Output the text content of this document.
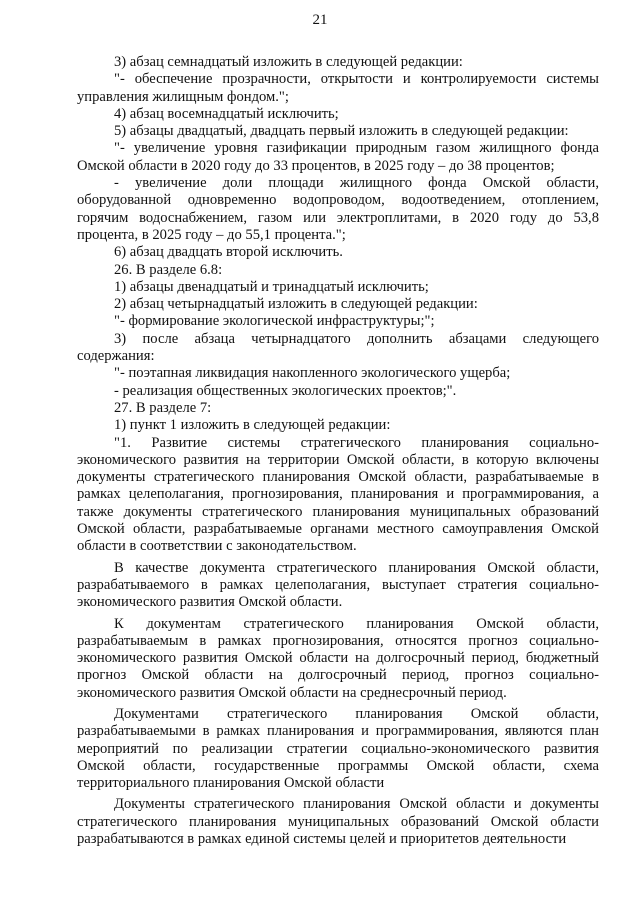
21

3) абзац семнадцатый изложить в следующей редакции:

"- обеспечение прозрачности, открытости и контролируемости системы управления жилищным фондом.";

4) абзац восемнадцатый исключить;

5) абзацы двадцатый, двадцать первый изложить в следующей редакции:

"- увеличение уровня газификации природным газом жилищного фонда Омской области в 2020 году до 33 процентов, в 2025 году – до 38 процентов;

- увеличение доли площади жилищного фонда Омской области, оборудованной одновременно водопроводом, водоотведением, отоплением, горячим водоснабжением, газом или электроплитами, в 2020 году до 53,8 процента, в 2025 году – до 55,1 процента.";

6) абзац двадцать второй исключить.

26. В разделе 6.8:

1) абзацы двенадцатый и тринадцатый исключить;

2) абзац четырнадцатый изложить в следующей редакции:

"- формирование экологической инфраструктуры;";

3) после абзаца четырнадцатого дополнить абзацами следующего содержания:

"- поэтапная ликвидация накопленного экологического ущерба;

- реализация общественных экологических проектов;".

27. В разделе 7:

1) пункт 1 изложить в следующей редакции:

"1. Развитие системы стратегического планирования социально-экономического развития на территории Омской области, в которую включены документы стратегического планирования Омской области, разрабатываемые в рамках целеполагания, прогнозирования, планирования и программирования, а также документы стратегического планирования муниципальных образований Омской области, разрабатываемые органами местного самоуправления Омской области в соответствии с законодательством.

В качестве документа стратегического планирования Омской области, разрабатываемого в рамках целеполагания, выступает стратегия социально-экономического развития Омской области.

К документам стратегического планирования Омской области, разрабатываемым в рамках прогнозирования, относятся прогноз социально-экономического развития Омской области на долгосрочный период, бюджетный прогноз Омской области на долгосрочный период, прогноз социально-экономического развития Омской области на среднесрочный период.

Документами стратегического планирования Омской области, разрабатываемыми в рамках планирования и программирования, являются план мероприятий по реализации стратегии социально-экономического развития Омской области, государственные программы Омской области, схема территориального планирования Омской области

Документы стратегического планирования Омской области и документы стратегического планирования муниципальных образований Омской области разрабатываются в рамках единой системы целей и приоритетов деятельности
